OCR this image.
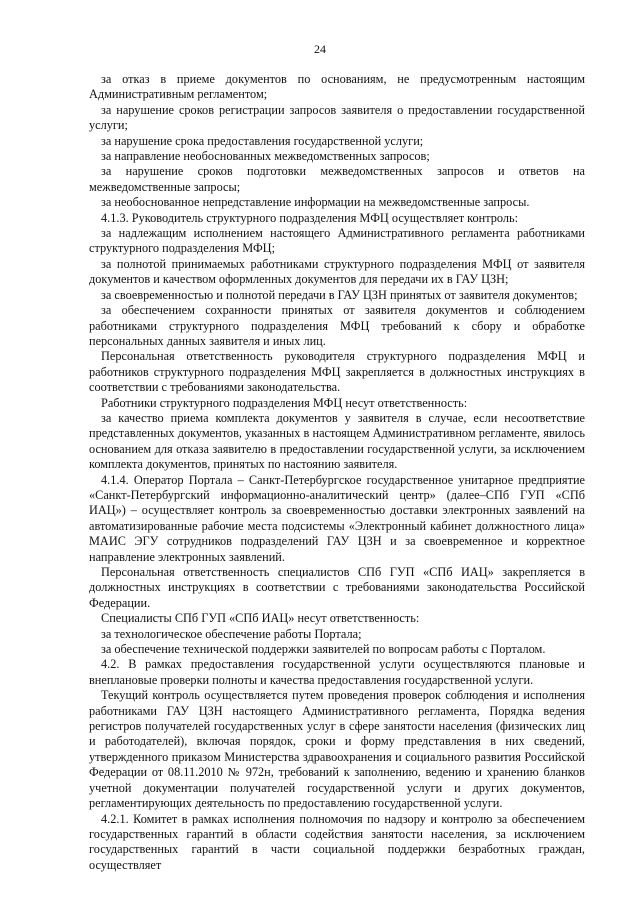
24

за отказ в приеме документов по основаниям, не предусмотренным настоящим Административным регламентом;

за нарушение сроков регистрации запросов заявителя о предоставлении государственной услуги;

за нарушение срока предоставления государственной услуги;

за направление необоснованных межведомственных запросов;

за нарушение сроков подготовки межведомственных запросов и ответов на межведомственные запросы;

за необоснованное непредставление информации на межведомственные запросы.

4.1.3. Руководитель структурного подразделения МФЦ осуществляет контроль:

за надлежащим исполнением настоящего Административного регламента работниками структурного подразделения МФЦ;

за полнотой принимаемых работниками структурного подразделения МФЦ от заявителя документов и качеством оформленных документов для передачи их в ГАУ ЦЗН;

за своевременностью и полнотой передачи в ГАУ ЦЗН принятых от заявителя документов;

за обеспечением сохранности принятых от заявителя документов и соблюдением работниками структурного подразделения МФЦ требований к сбору и обработке персональных данных заявителя и иных лиц.

Персональная ответственность руководителя структурного подразделения МФЦ и работников структурного подразделения МФЦ закрепляется в должностных инструкциях в соответствии с требованиями законодательства.

Работники структурного подразделения МФЦ несут ответственность:

за качество приема комплекта документов у заявителя в случае, если несоответствие представленных документов, указанных в настоящем Административном регламенте, явилось основанием для отказа заявителю в предоставлении государственной услуги, за исключением комплекта документов, принятых по настоянию заявителя.

4.1.4. Оператор Портала – Санкт-Петербургское государственное унитарное предприятие «Санкт-Петербургский информационно-аналитический центр» (далее–СПб ГУП «СПб ИАЦ») – осуществляет контроль за своевременностью доставки электронных заявлений на автоматизированные рабочие места подсистемы «Электронный кабинет должностного лица» МАИС ЭГУ сотрудников подразделений ГАУ ЦЗН и за своевременное и корректное направление электронных заявлений.

Персональная ответственность специалистов СПб ГУП «СПб ИАЦ» закрепляется в должностных инструкциях в соответствии с требованиями законодательства Российской Федерации.

Специалисты СПб ГУП «СПб ИАЦ» несут ответственность:

за технологическое обеспечение работы Портала;

за обеспечение технической поддержки заявителей по вопросам работы с Порталом.

4.2. В рамках предоставления государственной услуги осуществляются плановые и внеплановые проверки полноты и качества предоставления государственной услуги.

Текущий контроль осуществляется путем проведения проверок соблюдения и исполнения работниками ГАУ ЦЗН настоящего Административного регламента, Порядка ведения регистров получателей государственных услуг в сфере занятости населения (физических лиц и работодателей), включая порядок, сроки и форму представления в них сведений, утвержденного приказом Министерства здравоохранения и социального развития Российской Федерации от 08.11.2010 № 972н, требований к заполнению, ведению и хранению бланков учетной документации получателей государственной услуги и других документов, регламентирующих деятельность по предоставлению государственной услуги.

4.2.1. Комитет в рамках исполнения полномочия по надзору и контролю за обеспечением государственных гарантий в области содействия занятости населения, за исключением государственных гарантий в части социальной поддержки безработных граждан, осуществляет
